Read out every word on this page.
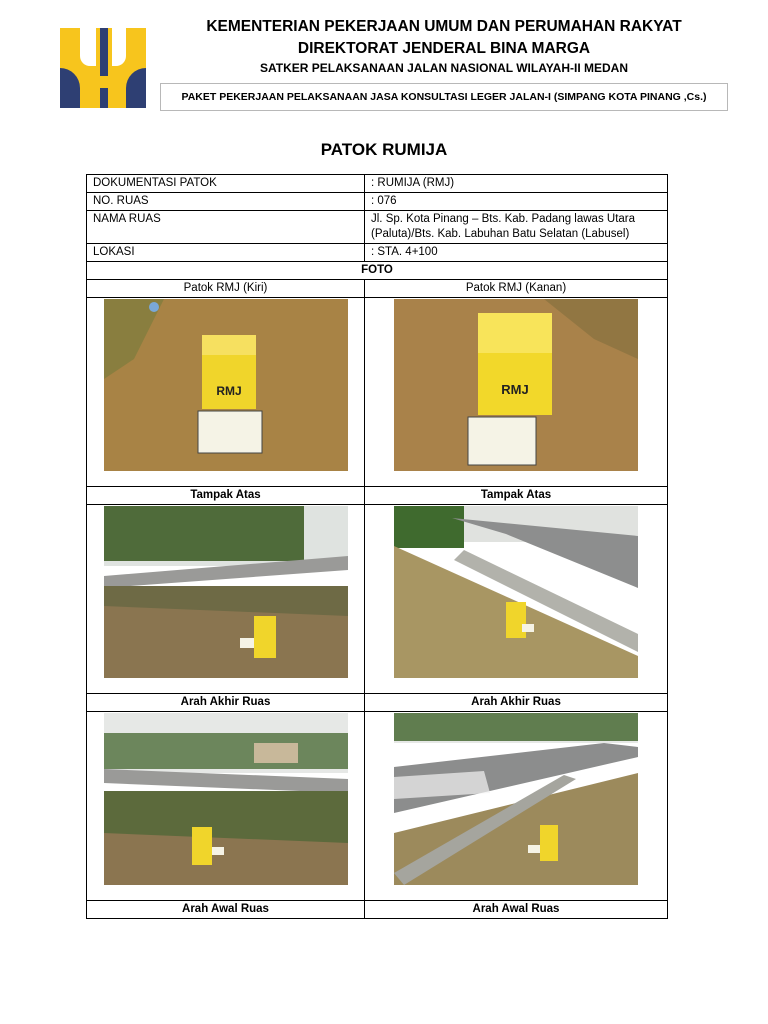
KEMENTERIAN PEKERJAAN UMUM DAN PERUMAHAN RAKYAT
DIREKTORAT JENDERAL BINA MARGA
SATKER PELAKSANAAN JALAN NASIONAL WILAYAH-II MEDAN
PAKET PEKERJAAN PELAKSANAAN JASA KONSULTASI LEGER JALAN-I (SIMPANG KOTA PINANG ,Cs.)
PATOK RUMIJA
DOKUMENTASI PATOK	: RUMIJA (RMJ)
NO. RUAS	: 076
NAMA RUAS	Jl. Sp. Kota Pinang – Bts. Kab. Padang lawas Utara (Paluta)/Bts. Kab. Labuhan Batu Selatan (Labusel)
LOKASI	: STA. 4+100
FOTO	
Patok RMJ (Kiri)	Patok RMJ (Kanan)

RMJ	RMJ

Tampak Atas	Tampak Atas

Arah Akhir Ruas	Arah Akhir Ruas

Arah Awal Ruas	Arah Awal Ruas
